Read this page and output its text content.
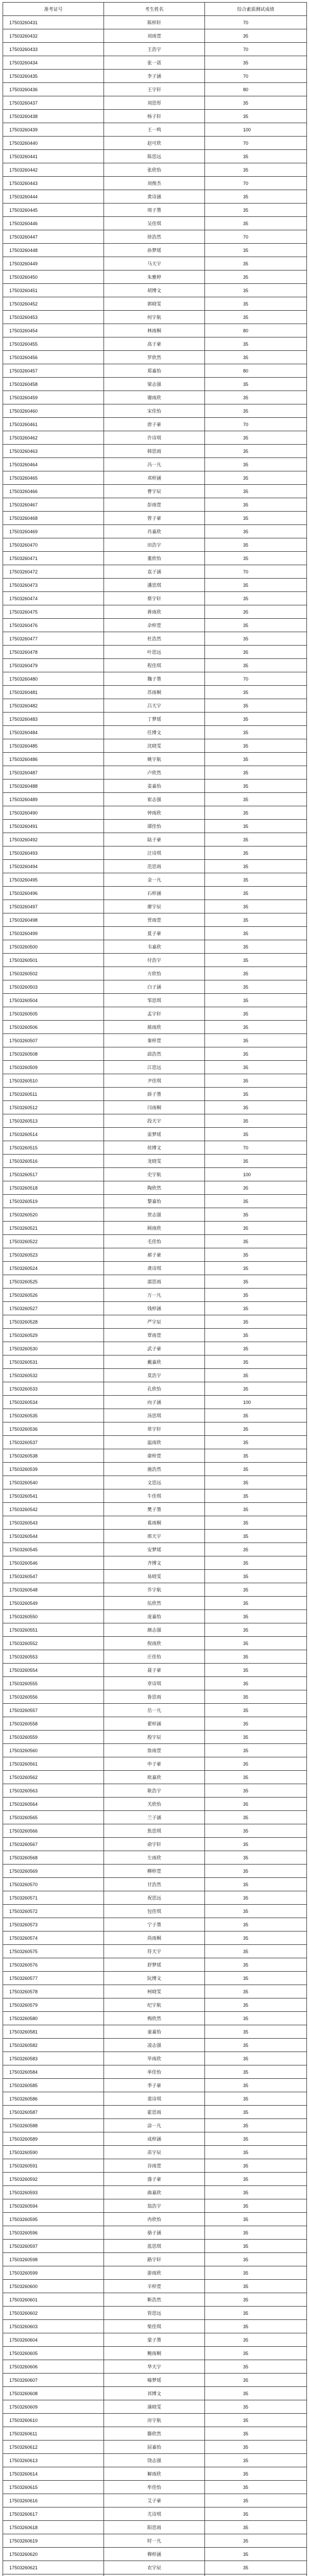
准考证号	考生姓名	综合素质测试成绩
17503260431	陈梓轩	70
17503260432	刘雨萱	35
17503260433	王浩宇	70
17503260434	张一诺	35
17503260435	李子涵	70
17503260436	王宇轩	80
17503260437	刘思彤	35
17503260438	杨子轩	35
17503260439	王一鸣	100
17503260440	赵可欣	70
17503260441	陈思远	35
17503260442	张欣怡	35
17503260443	刘俊杰	70
17503260444	黄诗涵	35
17503260445	周子墨	35
17503260446	吴佳琪	35
17503260447	徐浩然	70
17503260448	孙梦瑶	35
17503260449	马天宇	35
17503260450	朱雅婷	35
17503260451	胡博文	35
17503260452	郭晓雯	35
17503260453	何宇航	35
17503260454	林雨桐	80
17503260455	高子豪	35
17503260456	罗欣然	35
17503260457	郑嘉怡	80
17503260458	梁志强	35
17503260459	谢雨欣	35
17503260460	宋佳怡	35
17503260461	唐子豪	70
17503260462	许诗琪	35
17503260463	韩思雨	35
17503260464	冯一凡	35
17503260465	邓梓涵	35
17503260466	曹宇辰	35
17503260467	彭雨萱	35
17503260468	曾子豪	35
17503260469	肖嘉欣	35
17503260470	田浩宇	35
17503260471	董欣怡	35
17503260472	袁子涵	70
17503260473	潘思琪	35
17503260474	蔡宇轩	35
17503260475	蒋雨欣	35
17503260476	余梓萱	35
17503260477	杜浩然	35
17503260478	叶思远	35
17503260479	程佳琪	35
17503260480	魏子墨	70
17503260481	苏雨桐	35
17503260482	吕天宇	35
17503260483	丁梦瑶	35
17503260484	任博文	35
17503260485	沈晓雯	35
17503260486	姚宇航	35
17503260487	卢欣然	35
17503260488	姜嘉怡	35
17503260489	崔志强	35
17503260490	钟雨欣	35
17503260491	谭佳怡	35
17503260492	陆子豪	35
17503260493	汪诗琪	35
17503260494	范思雨	35
17503260495	金一凡	35
17503260496	石梓涵	35
17503260497	廖宇辰	35
17503260498	贾雨萱	35
17503260499	夏子豪	35
17503260500	韦嘉欣	35
17503260501	付浩宇	35
17503260502	方欣怡	35
17503260503	白子涵	35
17503260504	邹思琪	35
17503260505	孟宇轩	35
17503260506	熊雨欣	35
17503260507	秦梓萱	35
17503260508	邱浩然	35
17503260509	江思远	35
17503260510	尹佳琪	35
17503260511	薛子墨	35
17503260512	闫雨桐	35
17503260513	段天宇	35
17503260514	雷梦瑶	35
17503260515	侯博文	70
17503260516	龙晓雯	35
17503260517	史宇航	100
17503260518	陶欣然	35
17503260519	黎嘉怡	35
17503260520	贺志强	35
17503260521	顾雨欣	35
17503260522	毛佳怡	35
17503260523	郝子豪	35
17503260524	龚诗琪	35
17503260525	邵思雨	35
17503260526	万一凡	35
17503260527	钱梓涵	35
17503260528	严宇辰	35
17503260529	覃雨萱	35
17503260530	武子豪	35
17503260531	戴嘉欣	35
17503260532	莫浩宇	35
17503260533	孔欣怡	35
17503260534	向子涵	100
17503260535	汤思琪	35
17503260536	常宇轩	35
17503260537	温雨欣	35
17503260538	康梓萱	35
17503260539	施浩然	35
17503260540	文思远	35
17503260541	牛佳琪	35
17503260542	樊子墨	35
17503260543	葛雨桐	35
17503260544	邢天宇	35
17503260545	安梦瑶	35
17503260546	齐博文	35
17503260547	易晓雯	35
17503260548	乔宇航	35
17503260549	伍欣然	35
17503260550	庞嘉怡	35
17503260551	颜志强	35
17503260552	倪雨欣	35
17503260553	庄佳怡	35
17503260554	聂子豪	35
17503260555	章诗琪	35
17503260556	鲁思雨	35
17503260557	岳一凡	35
17503260558	翟梓涵	35
17503260559	殷宇辰	35
17503260560	詹雨萱	35
17503260561	申子豪	35
17503260562	欧嘉欣	35
17503260563	耿浩宇	35
17503260564	关欣怡	35
17503260565	兰子涵	35
17503260566	焦思琪	35
17503260567	俞宇轩	35
17503260568	左雨欣	35
17503260569	柳梓萱	35
17503260570	甘浩然	35
17503260571	祝思远	35
17503260572	包佳琪	35
17503260573	宁子墨	35
17503260574	尚雨桐	35
17503260575	符天宇	35
17503260576	舒梦瑶	35
17503260577	阮博文	35
17503260578	柯晓雯	35
17503260579	纪宇航	35
17503260580	梅欣然	35
17503260581	童嘉怡	35
17503260582	凌志强	35
17503260583	毕雨欣	35
17503260584	单佳怡	35
17503260585	季子豪	35
17503260586	裴诗琪	35
17503260587	霍思雨	35
17503260588	涂一凡	35
17503260589	成梓涵	35
17503260590	苗宇辰	35
17503260591	谷雨萱	35
17503260592	盛子豪	35
17503260593	曲嘉欣	35
17503260594	翁浩宇	35
17503260595	冉欣怡	35
17503260596	骆子涵	35
17503260597	蓝思琪	35
17503260598	路宇轩	35
17503260599	游雨欣	35
17503260600	辛梓萱	35
17503260601	靳浩然	35
17503260602	管思远	35
17503260603	柴佳琪	35
17503260604	蒙子墨	35
17503260605	鲍雨桐	35
17503260606	华天宇	35
17503260607	喻梦瑶	35
17503260608	祁博文	35
17503260609	蒲晓雯	35
17503260610	房宇航	35
17503260611	滕欣然	35
17503260612	屈嘉怡	35
17503260613	饶志强	35
17503260614	解雨欣	35
17503260615	牟佳怡	35
17503260616	艾子豪	35
17503260617	尤诗琪	35
17503260618	阳思雨	35
17503260619	时一凡	35
17503260620	穆梓涵	35
17503260621	农宇辰	35
